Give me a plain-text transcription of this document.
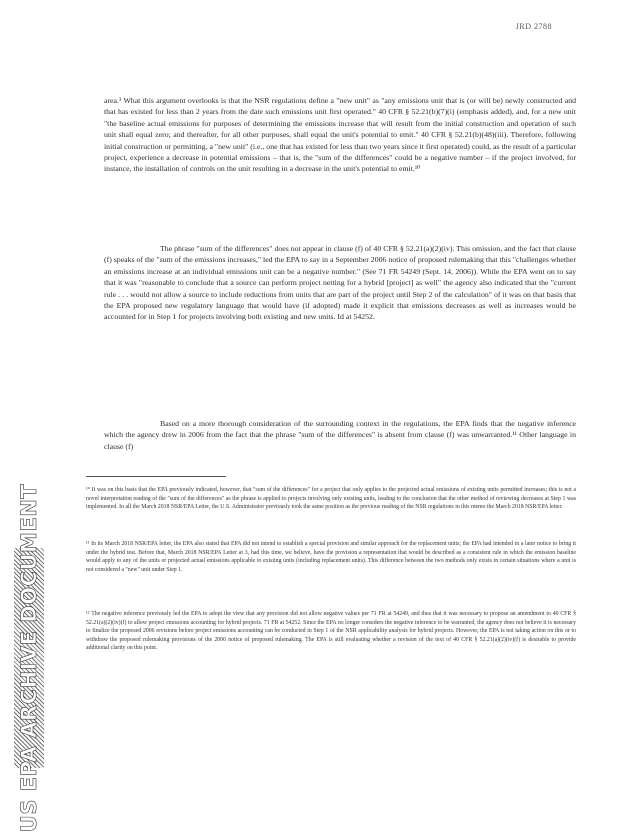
JRD 2788
area.³ What this argument overlooks is that the NSR regulations define a "new unit" as "any emissions unit that is (or will be) newly constructed and that has existed for less than 2 years from the date such emissions unit first operated." 40 CFR § 52.21(b)(7)(i) (emphasis added), and, for a new unit "the baseline actual emissions for purposes of determining the emissions increase that will result from the initial construction and operation of such unit shall equal zero; and thereafter, for all other purposes, shall equal the unit's potential to emit." 40 CFR § 52.21(b)(48)(iii). Therefore, following initial construction or permitting, a "new unit" (i.e., one that has existed for less than two years since it first operated) could, as the result of a particular project, experience a decrease in potential emissions – that is, the "sum of the differences" could be a negative number – if the project involved, for instance, the installation of controls on the unit resulting in a decrease in the unit's potential to emit.¹⁰
The phrase "sum of the differences" does not appear in clause (f) of 40 CFR § 52.21(a)(2)(iv). This omission, and the fact that clause (f) speaks of the "sum of the emissions increases," led the EPA to say in a September 2006 notice of proposed rulemaking that this "challenges whether an emissions increase at an individual emissions unit can be a negative number." (See 71 FR 54249 (Sept. 14, 2006)). While the EPA went on to say that it was "reasonable to conclude that a source can perform project netting for a hybrid [project] as well" the agency also indicated that the "current rule . . . would not allow a source to include reductions from units that are part of the project until Step 2 of the calculation" of it was on that basis that the EPA proposed new regulatory language that would have (if adopted) made it explicit that emissions decreases as well as increases would be accounted for in Step 1 for projects involving both existing and new units. Id at 54252.
Based on a more thorough consideration of the surrounding context in the regulations, the EPA finds that the negative inference which the agency drew in 2006 from the fact that the phrase "sum of the differences" is absent from clause (f) was unwarranted.¹¹ Other language in clause (f)
¹⁰ It was on this basis that the EPA previously indicated, however, that "sum of the differences" for a project that only applies to the projected actual emissions of existing units permitted increases; this is not a novel interpretation reading of the "sum of the differences" as the phrase is applied to projects involving only existing units, leading to the conclusion that the other method of reviewing decreases at Step 1 was implemented. In all the March 2018 NSR/EPA Letter, the U.S. Administrator previously took the same position as the previous reading of the NSR regulations in this memo the March 2018 NSR/EPA letter.
¹¹ In its March 2018 NSR/EPA letter, the EPA also stated that EPA did not intend to establish a special provision and similar approach for the replacement units; the EPA had intended in a later notice to bring it under the hybrid test. Before that, March 2018 NSR/EPA Letter at 3, had this time, we believe, have the provision a representation that would be described as a consistent rule in which the emission baseline would apply to any of the units or projected actual emissions applicable to existing units (including replacement units). This difference between the two methods only exists in certain situations where a unit is not considered a "new" unit under Step 1.
¹² The negative inference previously led the EPA to adopt the view that any provision did not allow negative values per 71 FR at 54249, and thus that it was necessary to propose an amendment to 40 CFR § 52.21(a)(2)(iv)(f) to allow project emissions accounting for hybrid projects. 71 FR at 54252. Since the EPA no longer considers the negative inference to be warranted, the agency does not believe it is necessary to finalize the proposed 2006 revisions before project emissions accounting can be conducted in Step 1 of the NSR applicability analysis for hybrid projects. However, the EPA is not taking action on this or to withdraw the proposed rulemaking provisions of the 2006 notice of proposed rulemaking. The EPA is still evaluating whether a revision of the text of 40 CFR § 52.21(a)(2)(iv)(f) is desirable to provide additional clarity on this point.
US EPA ARCHIVE DOCUMENT
